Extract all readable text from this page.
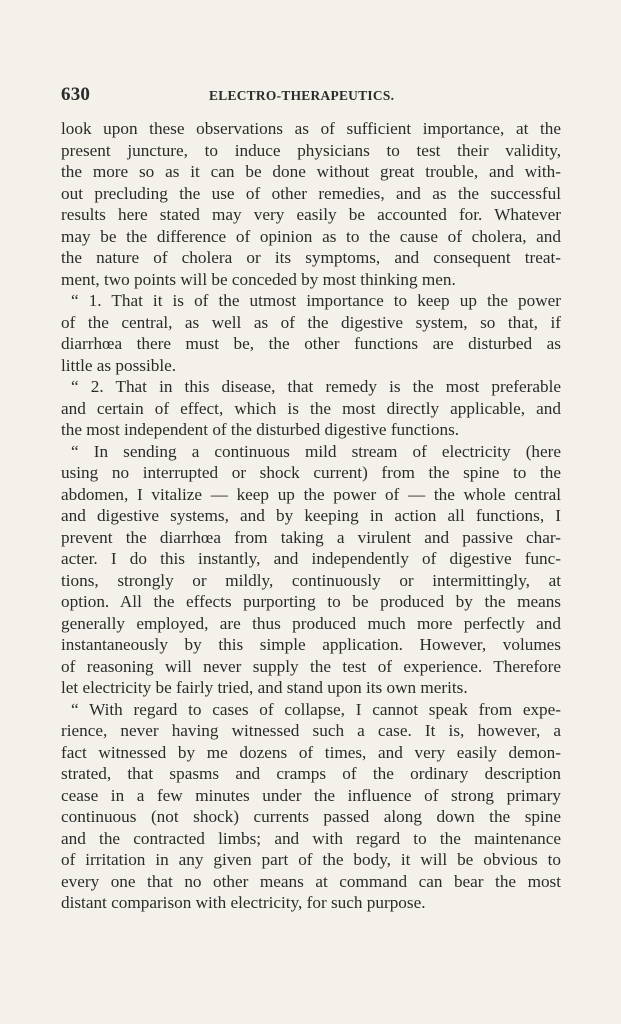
630	ELECTRO-THERAPEUTICS.
look upon these observations as of sufficient importance, at the
present juncture, to induce physicians to test their validity,
the more so as it can be done without great trouble, and with-
out precluding the use of other remedies, and as the successful
results here stated may very easily be accounted for. Whatever
may be the difference of opinion as to the cause of cholera, and
the nature of cholera or its symptoms, and consequent treat-
ment, two points will be conceded by most thinking men.
“ 1. That it is of the utmost importance to keep up the power
of the central, as well as of the digestive system, so that, if
diarrhœa there must be, the other functions are disturbed as
little as possible.
“ 2. That in this disease, that remedy is the most preferable
and certain of effect, which is the most directly applicable, and
the most independent of the disturbed digestive functions.
“ In sending a continuous mild stream of electricity (here
using no interrupted or shock current) from the spine to the
abdomen, I vitalize — keep up the power of — the whole central
and digestive systems, and by keeping in action all functions, I
prevent the diarrhœa from taking a virulent and passive char-
acter. I do this instantly, and independently of digestive func-
tions, strongly or mildly, continuously or intermittingly, at
option. All the effects purporting to be produced by the means
generally employed, are thus produced much more perfectly and
instantaneously by this simple application. However, volumes
of reasoning will never supply the test of experience. Therefore
let electricity be fairly tried, and stand upon its own merits.
“ With regard to cases of collapse, I cannot speak from expe-
rience, never having witnessed such a case. It is, however, a
fact witnessed by me dozens of times, and very easily demon-
strated, that spasms and cramps of the ordinary description
cease in a few minutes under the influence of strong primary
continuous (not shock) currents passed along down the spine
and the contracted limbs; and with regard to the maintenance
of irritation in any given part of the body, it will be obvious to
every one that no other means at command can bear the most
distant comparison with electricity, for such purpose.
